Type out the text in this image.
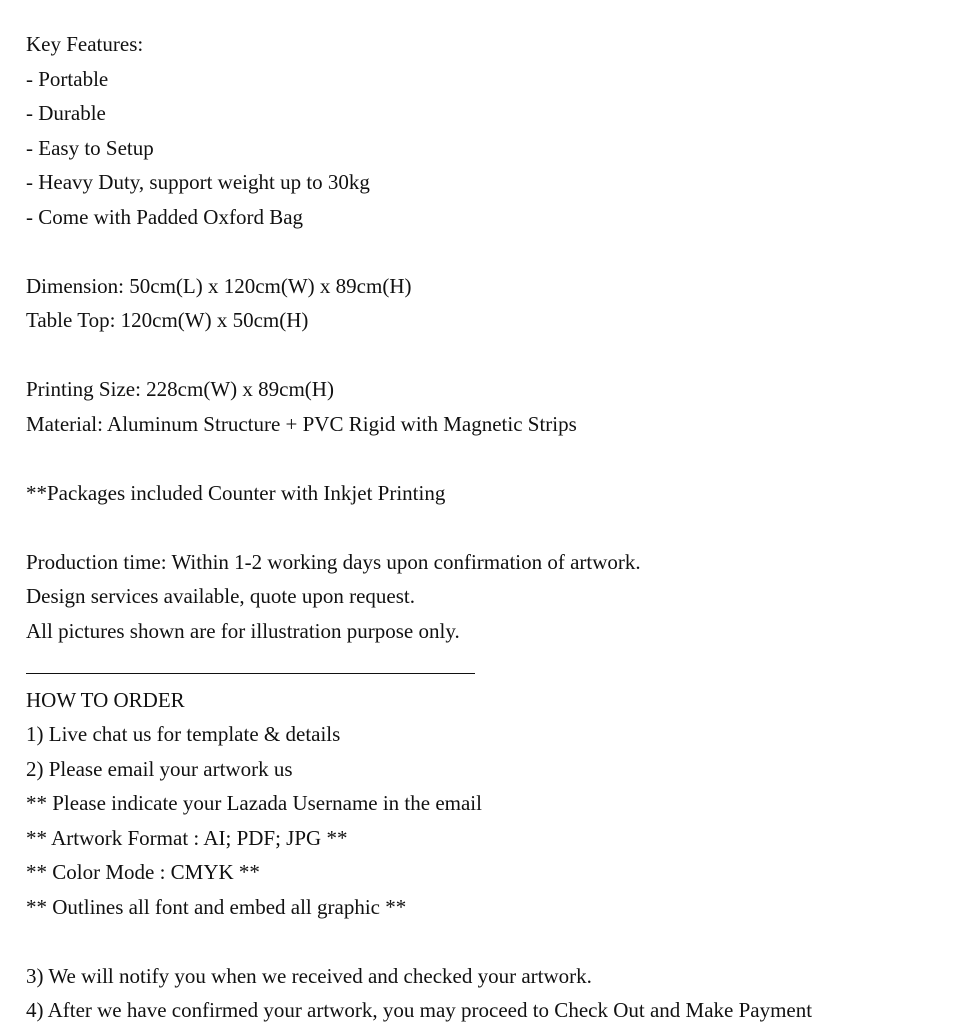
Key Features:
- Portable
- Durable
- Easy to Setup
- Heavy Duty, support weight up to 30kg
- Come with Padded Oxford Bag
Dimension: 50cm(L) x 120cm(W) x 89cm(H)
Table Top: 120cm(W) x 50cm(H)
Printing Size: 228cm(W) x 89cm(H)
Material: Aluminum Structure + PVC Rigid with Magnetic Strips
**Packages included Counter with Inkjet Printing
Production time: Within 1-2 working days upon confirmation of artwork.
Design services available, quote upon request.
All pictures shown are for illustration purpose only.
HOW TO ORDER
1) Live chat us for template & details
2) Please email your artwork us
** Please indicate your Lazada Username in the email
** Artwork Format : AI; PDF; JPG **
** Color Mode : CMYK **
** Outlines all font and embed all graphic **
3) We will notify you when we received and checked your artwork.
4) After we have confirmed your artwork, you may proceed to Check Out and Make Payment
